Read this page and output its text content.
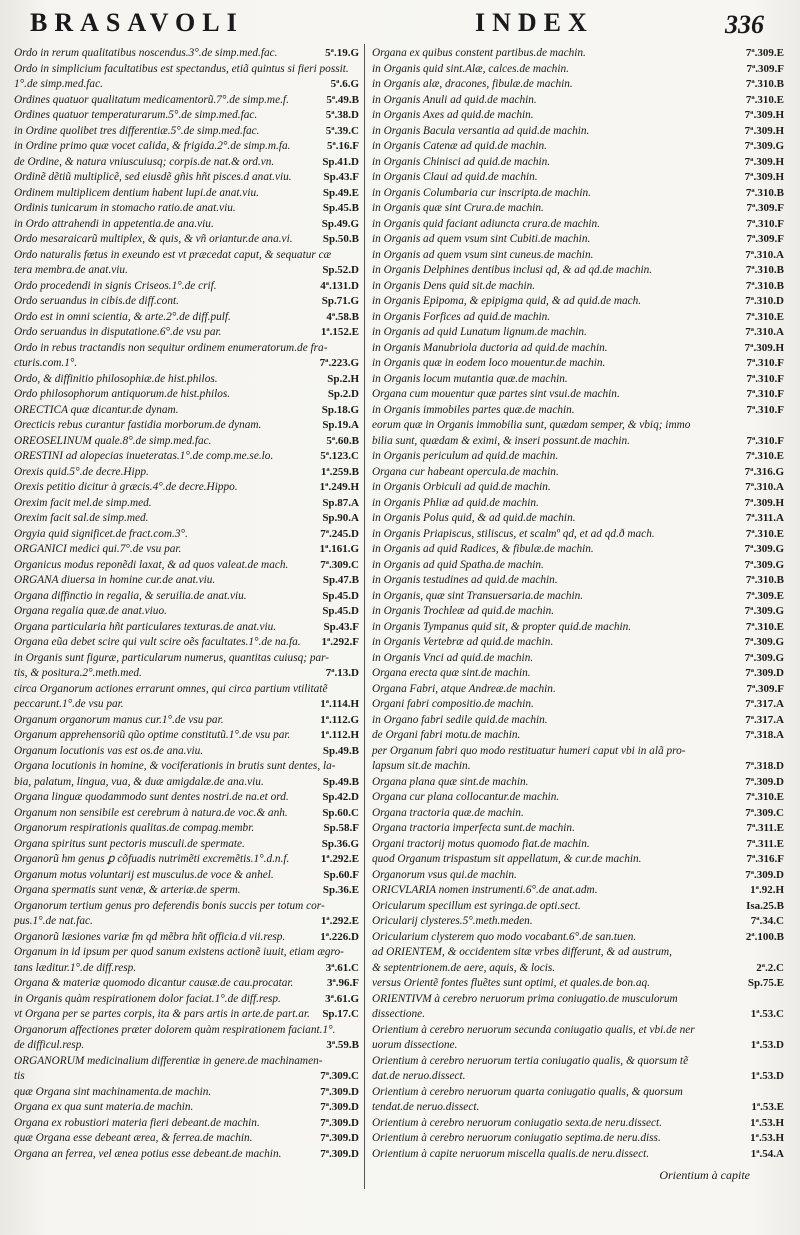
BRASAVOLI	INDEX	336
Ordo in rerum qualitatibus noscendus.3°.de simp.med.fac.	5ª.19.G
Ordo in simplicium facultatibus est spectandus, etiã quintus si fieri possit.
1°.de simp.med.fac.	5ª.6.G
Ordines quatuor qualitatum medicamentorũ.7°.de simp.me.f.	5ª.49.B
Ordines quatuor temperaturarum.5°.de simp.med.fac.	5ª.38.D
in Ordine quolibet tres differentiæ.5°.de simp.med.fac.	5ª.39.C
in Ordine primo quæ vocet calida, & frigida.2°.de simp.m.fa.	5ª.16.F
de Ordine, & natura vniuscuiusq; corpis.de nat.& ord.vn.	Sp.41.D
Ordinẽ dẽtiũ multiplicẽ, sed eiusdẽ gñis hñt pisces.d anat.viu.	Sp.43.F
Ordinem multiplicem dentium habent lupi.de anat.viu.	Sp.49.E
Ordinis tunicarum in stomacho ratio.de anat.viu.	Sp.45.B
in Ordo attrahendi in appetentia.de ana.viu.	Sp.49.G
Ordo mesaraicarũ multiplex, & quis, & vñ oriantur.de ana.vi.	Sp.50.B
Ordo naturalis fœtus in exeundo est vt præcedat caput, & sequatur cæ
tera membra.de anat.viu.	Sp.52.D
Ordo procedendi in signis Criseos.1°.de crif.	4ª.131.D
Ordo seruandus in cibis.de diff.cont.	Sp.71.G
Ordo est in omni scientia, & arte.2°.de diff.pulf.	4ª.58.B
Ordo seruandus in disputatione.6°.de vsu par.	1ª.152.E
Ordo in rebus tractandis non sequitur ordinem enumeratorum.de fra-
cturis.com.1°.	7ª.223.G
Ordo, & diffinitio philosophiæ.de hist.philos.	Sp.2.H
Ordo philosophorum antiquorum.de hist.philos.	Sp.2.D
ORECTICA quæ dicantur.de dynam.	Sp.18.G
Orecticis rebus curantur fastidia morborum.de dynam.	Sp.19.A
OREOSELINUM quale.8°.de simp.med.fac.	5ª.60.B
ORESTINI ad alopecias inueteratas.1°.de comp.me.se.lo.	5ª.123.C
Orexis quid.5°.de decre.Hipp.	1ª.259.B
Orexis petitio dicitur à græcis.4°.de decre.Hippo.	1ª.249.H
Orexim facit mel.de simp.med.	Sp.87.A
Orexim facit sal.de simp.med.	Sp.90.A
Orgyia quid significet.de fract.com.3°.	7ª.245.D
ORGANICI medici qui.7°.de vsu par.	1ª.161.G
Organicus modus reponẽdi laxat, & ad quos valeat.de mach.	7ª.309.C
ORGANA diuersa in homine cur.de anat.viu.	Sp.47.B
Organa diffinctio in regalia, & seruilia.de anat.viu.	Sp.45.D
Organa regalia quæ.de anat.viuo.	Sp.45.D
Organa particularia hñt particulares texturas.de anat.viu.	Sp.43.F
Organa eũa debet scire qui vult scire oẽs facultates.1°.de na.fa. 1ª.292.F
in Organis sunt figuræ, particularum numerus, quantitas cuiusq; par-
tis, & positura.2°.meth.med.	7ª.13.D
circa Organorum actiones errarunt omnes, qui circa partium vtilitatẽ
peccarunt.1°.de vsu par.	1ª.114.H
Organum organorum manus cur.1°.de vsu par.	1ª.112.G
Organum apprehensoriũ qũo optime constitutũ.1°.de vsu par.	1ª.112.H
Organum locutionis vas est os.de ana.viu.	Sp.49.B
Organa locutionis in homine, & vociferationis in brutis sunt dentes, la-
bia, palatum, lingua, vua, & duæ amigdalæ.de ana.viu.	Sp.49.B
Organa linguæ quodammodo sunt dentes nostri.de na.et ord.	Sp.42.D
Organum non sensibile est cerebrum à natura.de voc.& anh.	Sp.60.C
Organorum respirationis qualitas.de compag.membr.	Sp.58.F
Organa spiritus sunt pectoris musculi.de spermate.	Sp.36.G
Organorũ hm genus ꝑ cõfuadis nutrimẽti excremẽtis.1°.d.n.f.	1ª.292.E
Organum motus voluntarij est musculus.de voce & anhel.	Sp.60.F
Organa spermatis sunt venæ, & arteriæ.de sperm.	Sp.36.E
Organorum tertium genus pro deferendis bonis succis per totum cor-
pus.1°.de nat.fac.	1ª.292.E
Organorũ læsiones variæ fm qd mẽbra hñt officia.d vii.resp.	1ª.226.D
Organum in id ipsum per quod sanum existens actionẽ iuuit, etiam ægro-
tans læditur.1°.de diff.resp.	3ª.61.C
Organa & materiæ quomodo dicantur causæ.de cau.procatar.	3ª.96.F
in Organis quàm respirationem dolor faciat.1°.de diff.resp.	3ª.61.G
vt Organa per se partes corpis, ita & pars artis in arte.de part.ar. Sp.17.C
Organorum affectiones præter dolorem quàm respirationem faciant.1°.
de difficul.resp.	3ª.59.B
ORGANORUM medicinalium differentiæ in genere.de machinamen-
tis	7ª.309.C
quæ Organa sint machinamenta.de machin.	7ª.309.D
Organa ex qua sunt materia.de machin.	7ª.309.D
Organa ex robustiori materia fieri debeant.de machin.	7ª.309.D
quæ Organa esse debeant ærea, & ferrea.de machin.	7ª.309.D
Organa an ferrea, vel ænea potius esse debeant.de machin.	7ª.309.D
Organa ex quibus constent partibus.de machin.	7ª.309.E
in Organis quid sint.Alæ, calces.de machin.	7ª.309.F
in Organis alæ, dracones, fibulæ.de machin.	7ª.310.B
in Organis Anuli ad quid.de machin.	7ª.310.E
in Organis Axes ad quid.de machin.	7ª.309.H
in Organis Bacula versantia ad quid.de machin.	7ª.309.H
in Organis Catenæ ad quid.de machin.	7ª.309.G
in Organis Chinisci ad quid.de machin.	7ª.309.H
in Organis Claui ad quid.de machin.	7ª.309.H
in Organis Columbaria cur inscripta.de machin.	7ª.310.B
in Organis quæ sint Crura.de machin.	7ª.309.F
in Organis quid faciant adiuncta crura.de machin.	7ª.310.F
in Organis ad quem vsum sint Cubiti.de machin.	7ª.309.F
in Organis ad quem vsum sint cuneus.de machin.	7ª.310.A
in Organis Delphines dentibus inclusi qd, & ad qd.de machin.	7ª.310.B
in Organis Dens quid sit.de machin.	7ª.310.B
in Organis Epipoma, & epipigma quid, & ad quid.de mach.	7ª.310.D
in Organis Forfices ad quid.de machin.	7ª.310.E
in Organis ad quid Lunatum lignum.de machin.	7ª.310.A
in Organis Manubriola ductoria ad quid.de machin.	7ª.309.H
in Organis quæ in eodem loco mouentur.de machin.	7ª.310.F
in Organis locum mutantia quæ.de machin.	7ª.310.F
Organa cum mouentur quæ partes sint vsui.de machin.	7ª.310.F
in Organis immobiles partes quæ.de machin.	7ª.310.F
eorum quæ in Organis immobilia sunt, quædam semper, & vbiq; immo
bilia sunt, quædam & eximi, & inseri possunt.de machin.	7ª.310.F
in Organis periculum ad quid.de machin.	7ª.310.E
Organa cur habeant opercula.de machin.	7ª.316.G
in Organis Orbiculi ad quid.de machin.	7ª.310.A
in Organis Phliæ ad quid.de machin.	7ª.309.H
in Organis Polus quid, & ad quid.de machin.	7ª.311.A
in Organis Priapiscus, stiliscus, et scalmº qd, et ad qd.ð mach.	7ª.310.E
in Organis ad quid Radices, & fibulæ.de machin.	7ª.309.G
in Organis ad quid Spatha.de machin.	7ª.309.G
in Organis testudines ad quid.de machin.	7ª.310.B
in Organis, quæ sint Transuersaria.de machin.	7ª.309.E
in Organis Trochleæ ad quid.de machin.	7ª.309.G
in Organis Tympanus quid sit, & propter quid.de machin.	7ª.310.E
in Organis Vertebræ ad quid.de machin.	7ª.309.G
in Organis Vnci ad quid.de machin.	7ª.309.G
Organa erecta quæ sint.de machin.	7ª.309.D
Organa Fabri, atque Andreæ.de machin.	7ª.309.F
Organi fabri compositio.de machin.	7ª.317.A
in Organo fabri sedile quid.de machin.	7ª.317.A
de Organi fabri motu.de machin.	7ª.318.A
per Organum fabri quo modo restituatur humeri caput vbi in alã pro-
lapsum sit.de machin.	7ª.318.D
Organa plana quæ sint.de machin.	7ª.309.D
Organa cur plana collocantur.de machin.	7ª.310.E
Organa tractoria quæ.de machin.	7ª.309.C
Organa tractoria imperfecta sunt.de machin.	7ª.311.E
Organi tractorij motus quomodo fiat.de machin.	7ª.311.E
quod Organum trispastum sit appellatum, & cur.de machin.	7ª.316.F
Organorum vsus qui.de machin.	7ª.309.D
ORICVLARIA nomen instrumenti.6°.de anat.adm.	1ª.92.H
Oricularum specillum est syringa.de opti.sect.	Isa.25.B
Oricularij clysteres.5°.meth.meden.	7ª.34.C
Oricularium clysterem quo modo vocabant.6°.de san.tuen.	2ª.100.B
ad ORIENTEM, & occidentem sitæ vrbes differunt, & ad austrum,
& septentrionem.de aere, aquis, & locis.	2ª.2.C
versus Orientẽ fontes fluẽtes sunt optimi, et quales.de bon.aq.	Sp.75.E
ORIENTIVM à cerebro neruorum prima coniugatio.de musculorum
dissectione.	1ª.53.C
Orientium à cerebro neruorum secunda coniugatio qualis, et vbi.de ner
uorum dissectione.	1ª.53.D
Orientium à cerebro neruorum tertia coniugatio qualis, & quorsum tẽ
dat.de neruo.dissect.	1ª.53.D
Orientium à cerebro neruorum quarta coniugatio qualis, & quorsum
tendat.de neruo.dissect.	1ª.53.E
Orientium à cerebro neruorum coniugatio sexta.de neru.dissect.	1ª.53.H
Orientium à cerebro neruorum coniugatio septima.de neru.diss.	1ª.53.H
Orientium à capite neruorum miscella qualis.de neru.dissect.	1ª.54.A
Orientium à capite
